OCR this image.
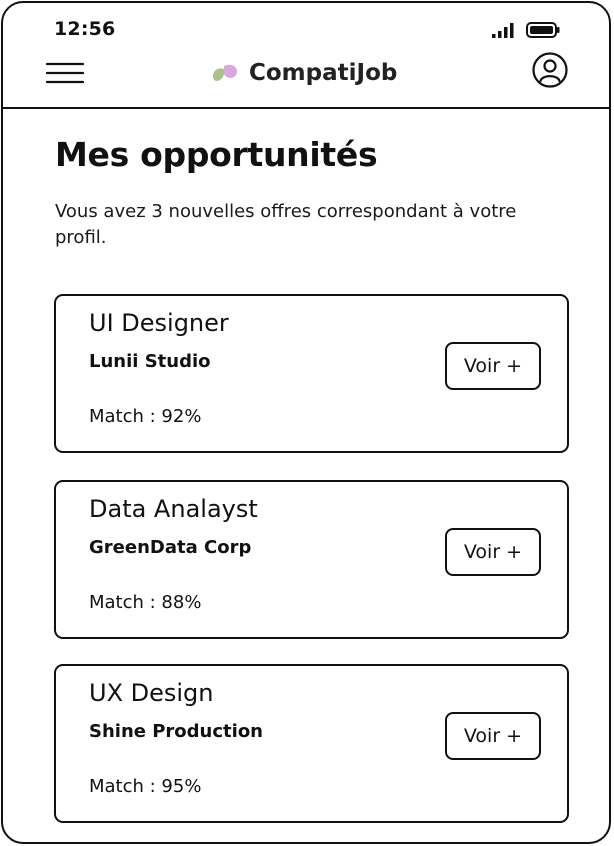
12:56
CompatiJob
Mes opportunités

Vous avez 3 nouvelles offres correspondant à votre profil.

UI Designer
Lunii Studio
Match : 92%
Voir +
Data Analayst
GreenData Corp
Match : 88%
Voir +
UX Design
Shine Production
Match : 95%
Voir +
